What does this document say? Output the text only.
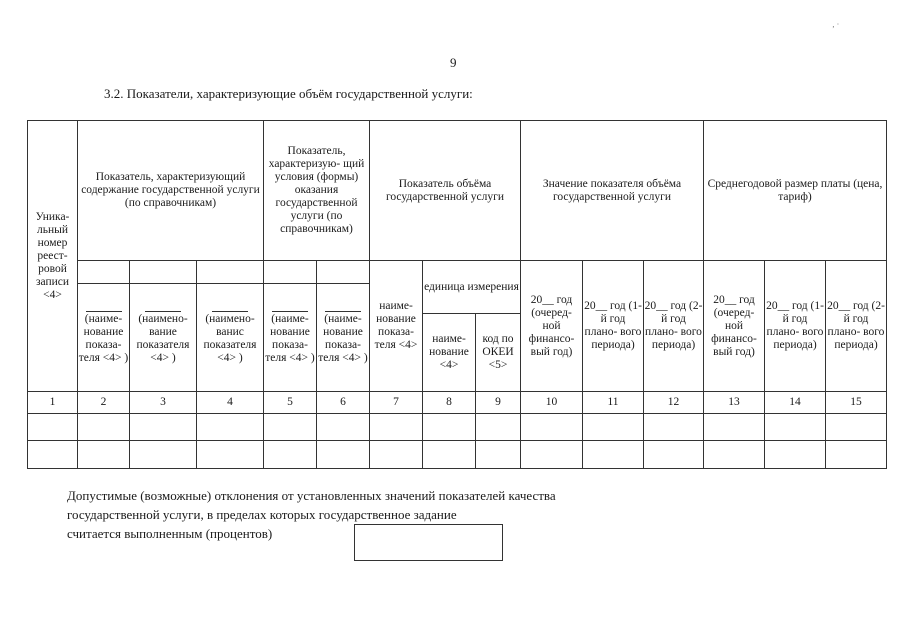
‚ ·
9
3.2. Показатели, характеризующие объём государственной услуги:
Уника- льный номер реест- ровой записи <4>	Показатель, характеризующий содержание государственной услуги (по справочникам)			Показатель, характеризую- щий условия (формы) оказания государственной услуги (по справочникам)		Показатель объёма государственной услуги			Значение показателя объёма государственной услуги			Среднегодовой размер платы (цена, тариф)		

						наиме- нование показа- теля <4>	единица измерения		20__ год (очеред- ной финансо- вый год)	20__ год (1-й год плано- вого периода)	20__ год (2-й год плано- вого периода)	20__ год (очеред- ной финансо- вый год)	20__ год (1-й год плано- вого периода)	20__ год (2-й год плано- вого периода)

	(наиме- нование показа- теля <4> )	(наимено- вание показателя <4> )	(наимено- ванис показателя <4> )	(наиме- нование показа- теля <4> )	(наиме- нование показа- теля <4> )									

							наиме- нование <4>	код по ОКЕИ <5>						

1	2	3	4	5	6	7	8	9	10	11	12	13	14	15

Допустимые (возможные) отклонения от установленных значений показателей качества
государственной услуги, в пределах которых государственное задание
считается выполненным (процентов)
